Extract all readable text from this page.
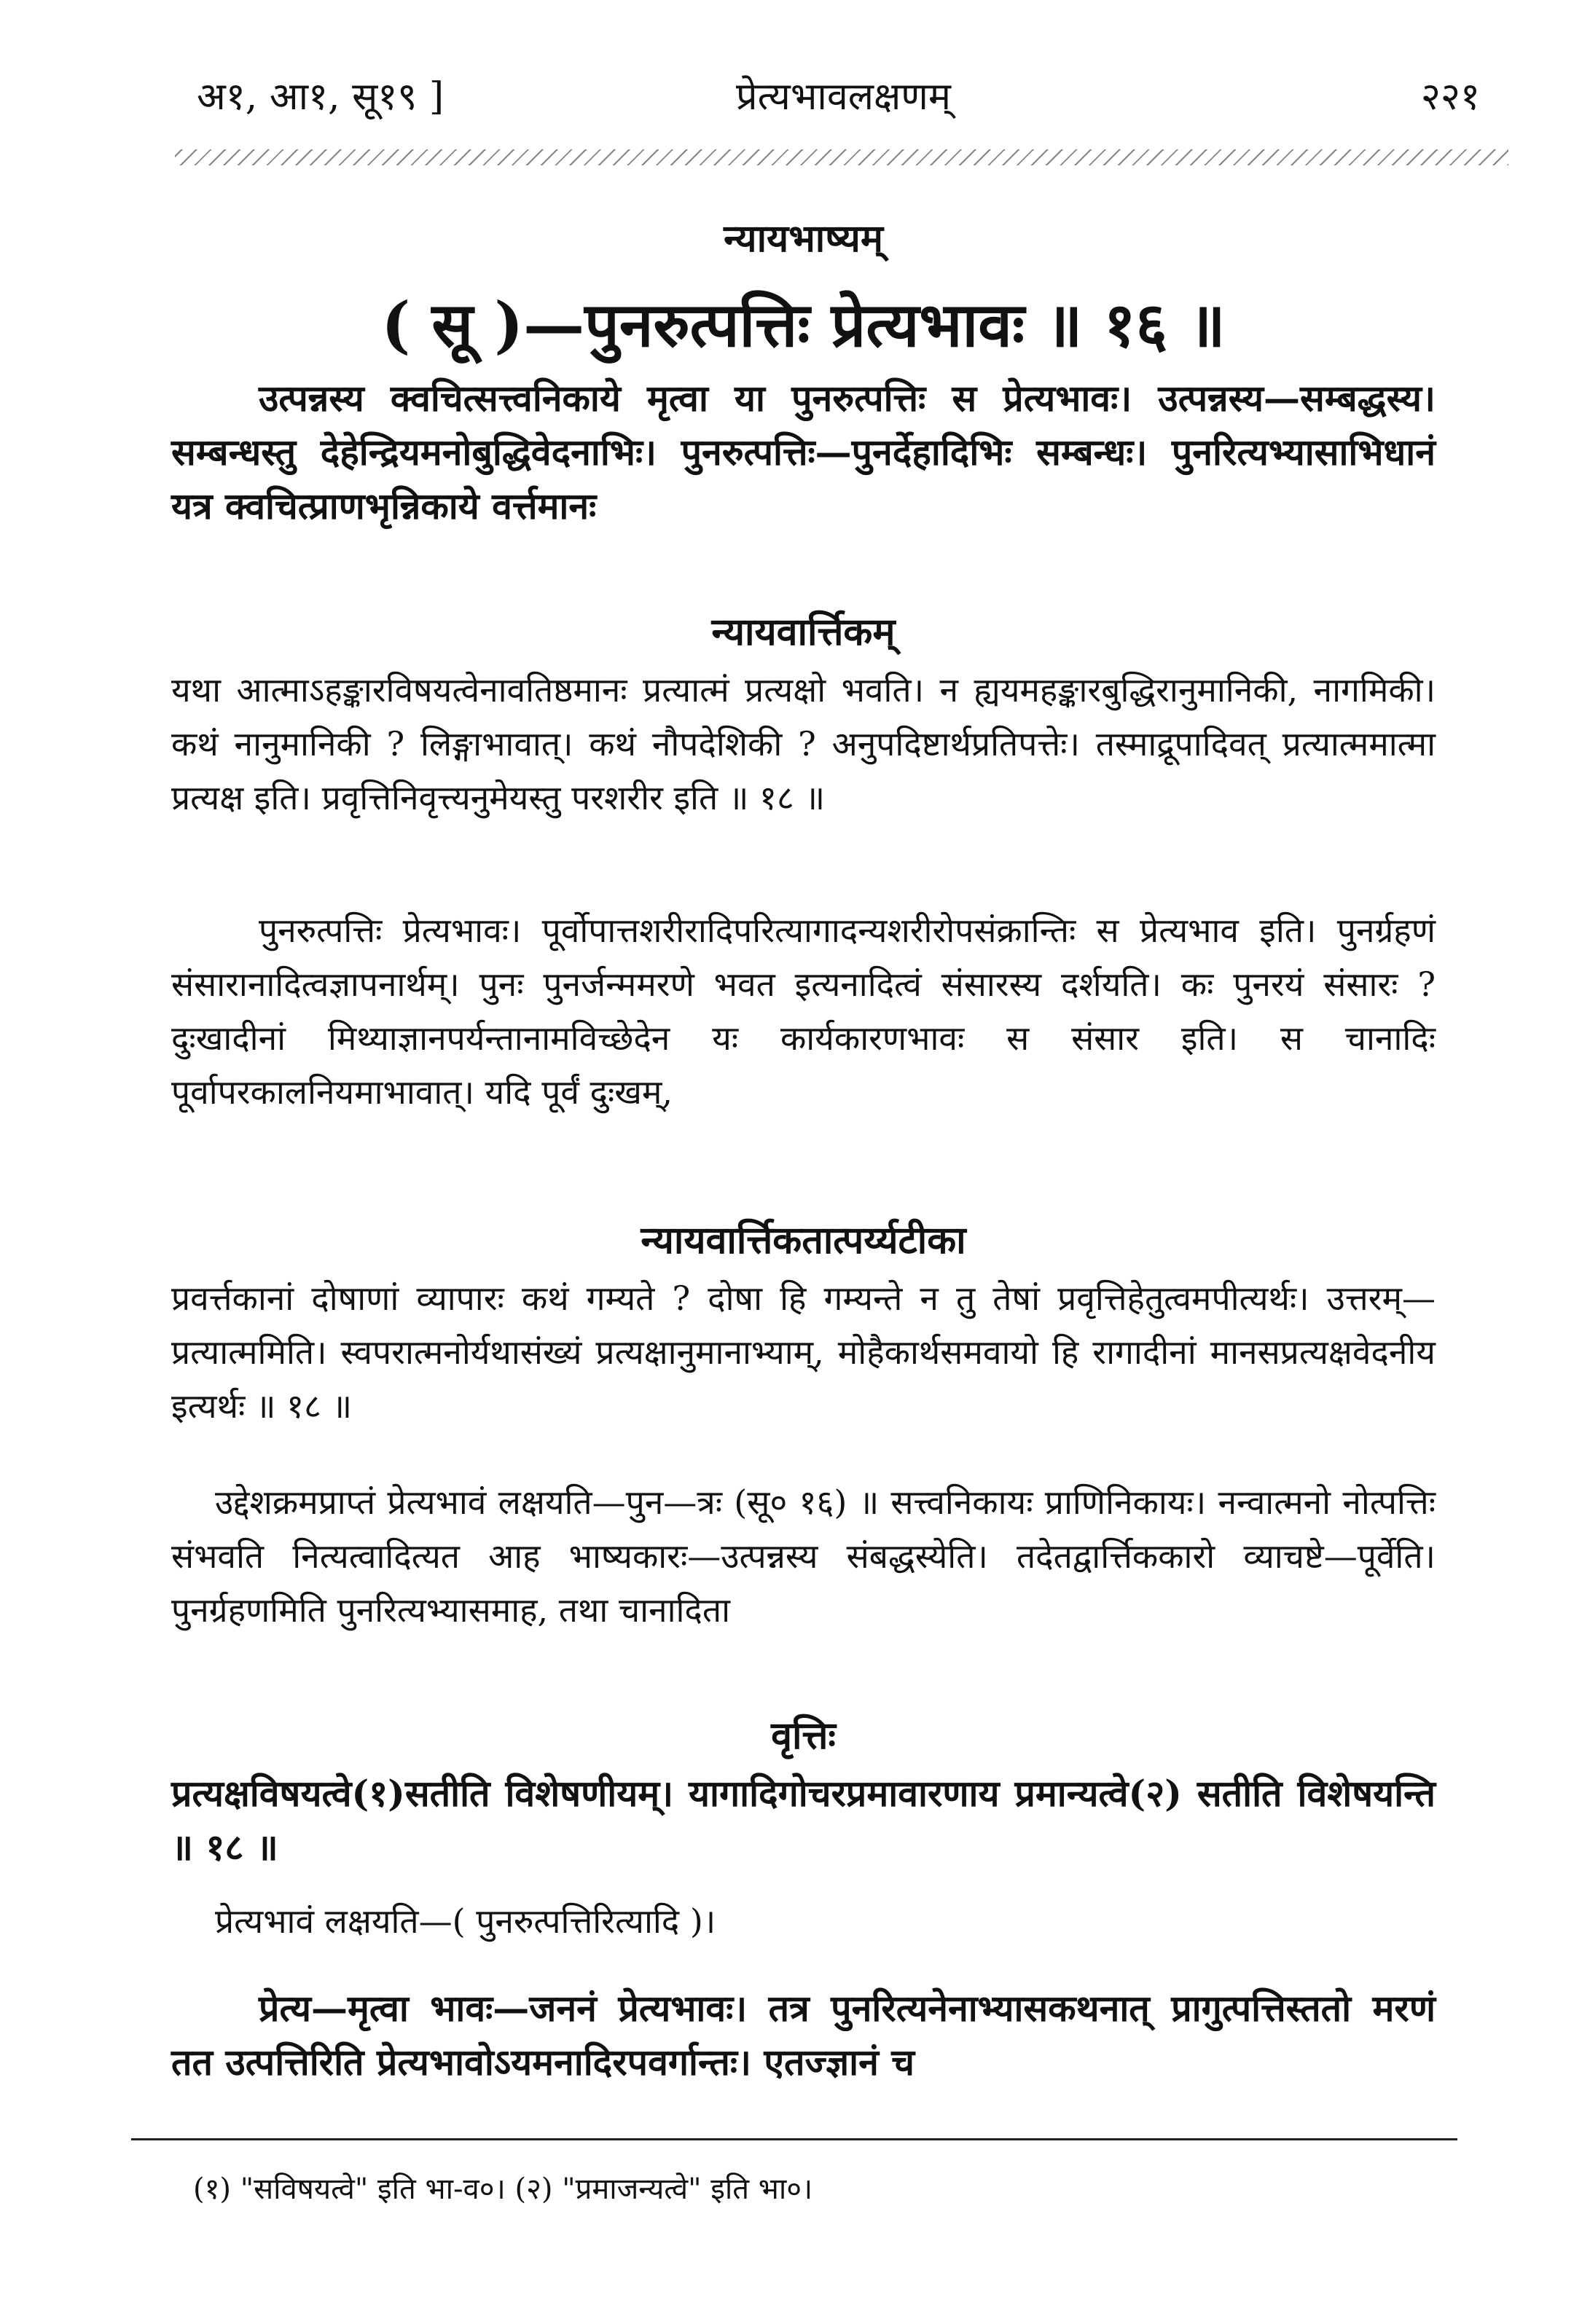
अ१, आ१, सू१९ ]	प्रेत्यभावलक्षणम्	२२१
न्यायभाष्यम्
( सू )—पुनरुत्पत्तिः प्रेत्यभावः ॥ १६ ॥
उत्पन्नस्य क्वचित्सत्त्वनिकाये मृत्वा या पुनरुत्पत्तिः स प्रेत्यभावः। उत्पन्नस्य—सम्बद्धस्य। सम्बन्धस्तु देहेन्द्रियमनोबुद्धिवेदनाभिः। पुनरुत्पत्तिः—पुनर्देहादिभिः सम्बन्धः। पुनरित्यभ्यासाभिधानं यत्र क्वचित्प्राणभृन्निकाये वर्त्तमानः
न्यायवार्त्तिकम्
यथा आत्माऽहङ्कारविषयत्वेनावतिष्ठमानः प्रत्यात्मं प्रत्यक्षो भवति। न ह्ययमहङ्कारबुद्धिरानुमानिकी, नागमिकी। कथं नानुमानिकी ? लिङ्गाभावात्। कथं नौपदेशिकी ? अनुपदिष्टार्थप्रतिपत्तेः। तस्माद्रूपादिवत् प्रत्यात्ममात्मा प्रत्यक्ष इति। प्रवृत्तिनिवृत्त्यनुमेयस्तु परशरीर इति ॥ १८ ॥
पुनरुत्पत्तिः प्रेत्यभावः। पूर्वोपात्तशरीरादिपरित्यागादन्यशरीरोपसंक्रान्तिः स प्रेत्यभाव इति। पुनर्ग्रहणं संसारानादित्वज्ञापनार्थम्। पुनः पुनर्जन्ममरणे भवत इत्यनादित्वं संसारस्य दर्शयति। कः पुनरयं संसारः ? दुःखादीनां मिथ्याज्ञानपर्यन्तानामविच्छेदेन यः कार्यकारणभावः स संसार इति। स चानादिः पूर्वापरकालनियमाभावात्। यदि पूर्वं दुःखम्,
न्यायवार्त्तिकतात्पर्य्यटीका
प्रवर्त्तकानां दोषाणां व्यापारः कथं गम्यते ? दोषा हि गम्यन्ते न तु तेषां प्रवृत्तिहेतुत्वमपीत्यर्थः। उत्तरम्—प्रत्यात्ममिति। स्वपरात्मनोर्यथासंख्यं प्रत्यक्षानुमानाभ्याम्, मोहैकार्थसमवायो हि रागादीनां मानसप्रत्यक्षवेदनीय इत्यर्थः ॥ १८ ॥
उद्देशक्रमप्राप्तं प्रेत्यभावं लक्षयति—पुन—त्रः (सू० १६) ॥ सत्त्वनिकायः प्राणिनिकायः। नन्वात्मनो नोत्पत्तिः संभवति नित्यत्वादित्यत आह भाष्यकारः—उत्पन्नस्य संबद्धस्येति। तदेतद्वार्त्तिककारो व्याचष्टे—पूर्वेति। पुनर्ग्रहणमिति पुनरित्यभ्यासमाह, तथा चानादिता
वृत्तिः
प्रत्यक्षविषयत्वे(१)सतीति विशेषणीयम्। यागादिगोचरप्रमावारणाय प्रमान्यत्वे(२) सतीति विशेषयन्ति ॥ १८ ॥
प्रेत्यभावं लक्षयति—( पुनरुत्पत्तिरित्यादि )।
प्रेत्य—मृत्वा भावः—जननं प्रेत्यभावः। तत्र पुनरित्यनेनाभ्यासकथनात् प्रागुत्पत्तिस्ततो मरणं तत उत्पत्तिरिति प्रेत्यभावोऽयमनादिरपवर्गान्तः। एतज्ज्ञानं च
(१) "सविषयत्वे" इति भा-व०। (२) "प्रमाजन्यत्वे" इति भा०।
